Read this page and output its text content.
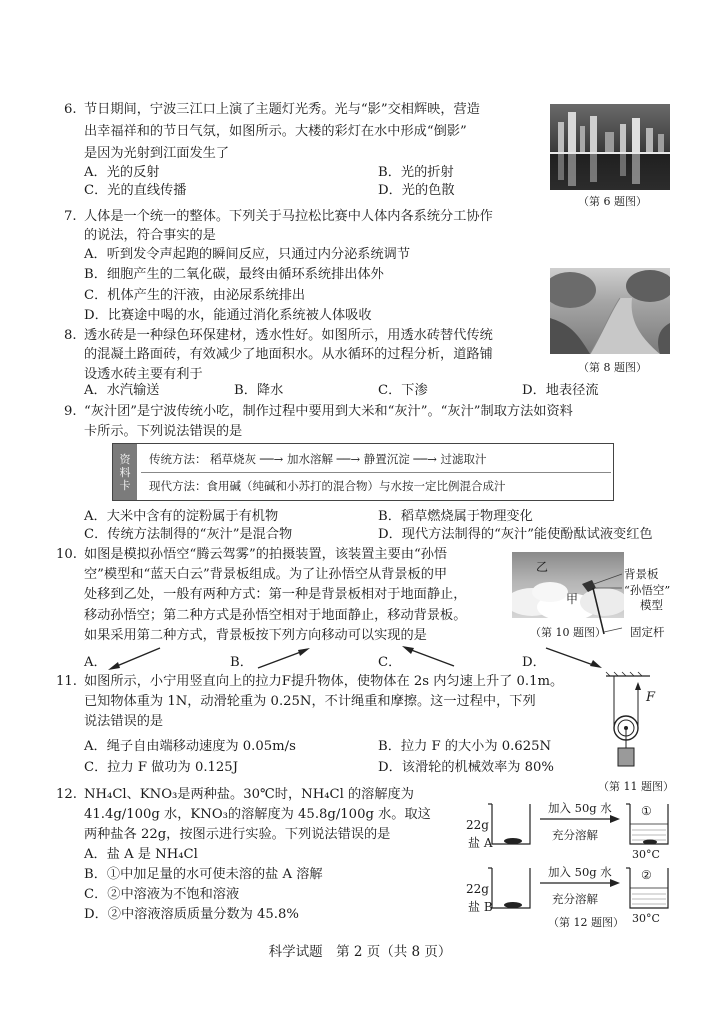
6. 节日期间，宁波三江口上演了主题灯光秀。光与“影”交相辉映，营造
出幸福祥和的节日气氛，如图所示。大楼的彩灯在水中形成“倒影”
是因为光射到江面发生了
A．光的反射	B．光的折射
C．光的直线传播	D．光的色散
（第 6 题图）
7. 人体是一个统一的整体。下列关于马拉松比赛中人体内各系统分工协作
的说法，符合事实的是
A．听到发令声起跑的瞬间反应，只通过内分泌系统调节
B．细胞产生的二氧化碳，最终由循环系统排出体外
C．机体产生的汗液，由泌尿系统排出
D．比赛途中喝的水，能通过消化系统被人体吸收
（第 8 题图）
8. 透水砖是一种绿色环保建材，透水性好。如图所示，用透水砖替代传统
的混凝土路面砖，有效减少了地面积水。从水循环的过程分析，道路铺
设透水砖主要有利于
A．水汽输送	B．降水	C．下渗	D．地表径流
9. “灰汁团”是宁波传统小吃，制作过程中要用到大米和“灰汁”。“灰汁”制取方法如资料
卡所示。下列说法错误的是
资
料
卡
传统方法： 稻草烧灰 ──→ 加水溶解 ──→ 静置沉淀 ──→ 过滤取汁
现代方法：食用碱（纯碱和小苏打的混合物）与水按一定比例混合成汁
A．大米中含有的淀粉属于有机物	B．稻草燃烧属于物理变化
C．传统方法制得的“灰汁”是混合物	D．现代方法制得的“灰汁”能使酚酞试液变红色
10. 如图是模拟孙悟空“腾云驾雾”的拍摄装置，该装置主要由“孙悟
空”模型和“蓝天白云”背景板组成。为了让孙悟空从背景板的甲
处移到乙处，一般有两种方式：第一种是背景板相对于地面静止，
移动孙悟空；第二种方式是孙悟空相对于地面静止，移动背景板。
如果采用第二种方式，背景板按下列方向移动可以实现的是
乙
甲
背景板
“孙悟空”
模型
固定杆
（第 10 题图）
A．	B．	C．	D．
11. 如图所示，小宁用竖直向上的拉力F提升物体，使物体在 2s 内匀速上升了 0.1m。
已知物体重为 1N，动滑轮重为 0.25N，不计绳重和摩擦。这一过程中，下列
说法错误的是
A．绳子自由端移动速度为 0.05m/s	B．拉力 F 的大小为 0.625N
C．拉力 F 做功为 0.125J	D．该滑轮的机械效率为 80%
F
（第 11 题图）
12. NH₄Cl、KNO₃是两种盐。30℃时，NH₄Cl 的溶解度为
41.4g/100g 水，KNO₃的溶解度为 45.8g/100g 水。取这
两种盐各 22g，按图示进行实验。下列说法错误的是
A．盐 A 是 NH₄Cl
B．①中加足量的水可使未溶的盐 A 溶解
C．②中溶液为不饱和溶液
D．②中溶液溶质质量分数为 45.8%
22g
盐 A
加入 50g 水
充分溶解
①
30°C
22g
盐 B
加入 50g 水
充分溶解
②
30°C
（第 12 题图）
科学试题　第 2 页（共 8 页）
